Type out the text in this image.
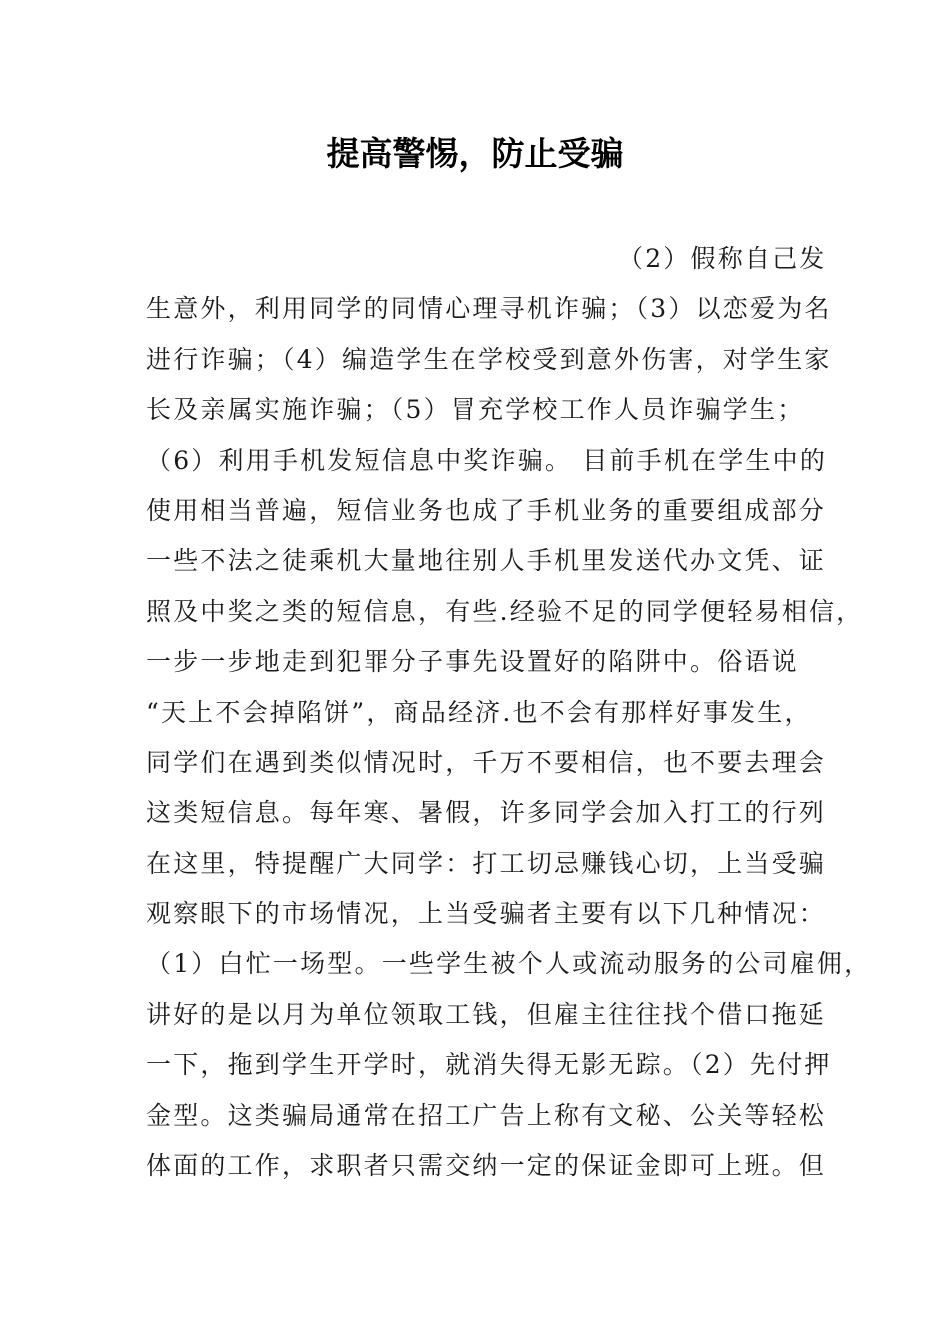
提高警惕，防止受骗
（2）假称自己发
生意外，利用同学的同情心理寻机诈骗；（3）以恋爱为名
进行诈骗；（4）编造学生在学校受到意外伤害，对学生家
长及亲属实施诈骗；（5）冒充学校工作人员诈骗学生；
（6）利用手机发短信息中奖诈骗。 目前手机在学生中的
使用相当普遍，短信业务也成了手机业务的重要组成部分
一些不法之徒乘机大量地往别人手机里发送代办文凭、证
照及中奖之类的短信息，有些.经验不足的同学便轻易相信，
一步一步地走到犯罪分子事先设置好的陷阱中。俗语说
“天上不会掉陷饼”，商品经济.也不会有那样好事发生，
同学们在遇到类似情况时，千万不要相信，也不要去理会
这类短信息。每年寒、暑假，许多同学会加入打工的行列
在这里，特提醒广大同学：打工切忌赚钱心切，上当受骗
观察眼下的市场情况，上当受骗者主要有以下几种情况：
（1）白忙一场型。一些学生被个人或流动服务的公司雇佣，
讲好的是以月为单位领取工钱，但雇主往往找个借口拖延
一下，拖到学生开学时，就消失得无影无踪。（2）先付押
金型。这类骗局通常在招工广告上称有文秘、公关等轻松
体面的工作，求职者只需交纳一定的保证金即可上班。但
